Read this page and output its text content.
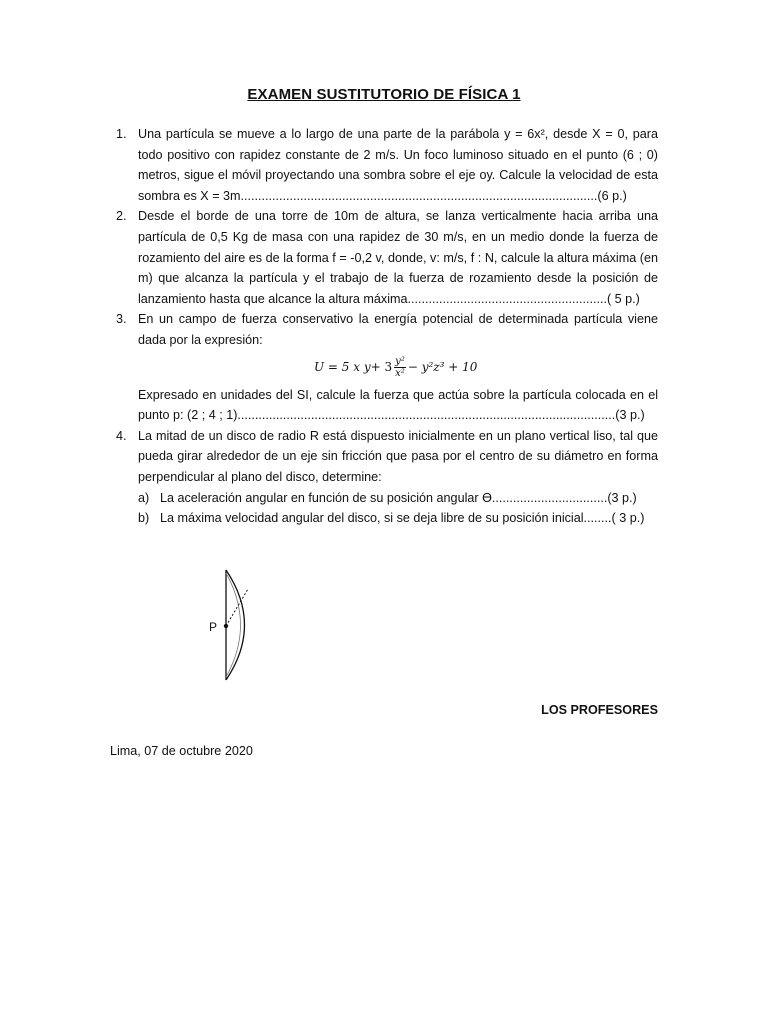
EXAMEN SUSTITUTORIO DE FÍSICA 1
1. Una partícula se mueve a lo largo de una parte de la parábola y = 6x², desde X = 0, para todo positivo con rapidez constante de 2 m/s. Un foco luminoso situado en el punto (6 ; 0) metros, sigue el móvil proyectando una sombra sobre el eje oy. Calcule la velocidad de esta sombra es X = 3m......................................................................................................(6 p.)
2. Desde el borde de una torre de 10m de altura, se lanza verticalmente hacia arriba una partícula de 0,5 Kg de masa con una rapidez de 30 m/s, en un medio donde la fuerza de rozamiento del aire es de la forma f = -0,2 v, donde, v: m/s, f : N, calcule la altura máxima (en m) que alcanza la partícula y el trabajo de la fuerza de rozamiento desde la posición de lanzamiento hasta que alcance la altura máxima.........................................................( 5 p.)
3. En un campo de fuerza conservativo la energía potencial de determinada partícula viene dada por la expresión:
U = 5
x
$y + 3 \frac{\text{y²}}{\text{x²}} - y^2z^3 + 10$
Expresado en unidades del SI, calcule la fuerza que actúa sobre la partícula colocada en el punto p: (2 ; 4 ; 1)............................................................................................................(3 p.)
4. La mitad de un disco de radio R está dispuesto inicialmente en un plano vertical liso, tal que pueda girar alrededor de un eje sin fricción que pasa por el centro de su diámetro en forma perpendicular al plano del disco, determine:
a) La aceleración angular en función de su posición angular Ɵ.................................(3 p.)
b) La máxima velocidad angular del disco, si se deja libre de su posición inicial........( 3 p.)
P
LOS PROFESORES
Lima, 07 de octubre 2020
